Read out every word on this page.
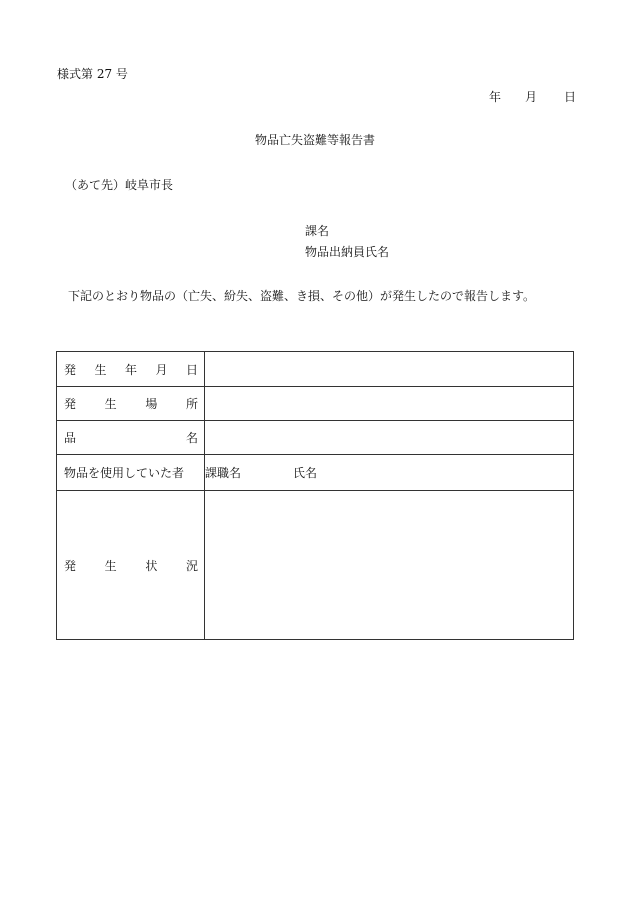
様式第 27 号
年 月 日
物品亡失盗難等報告書
（あて先）岐阜市長
課名
物品出納員氏名
下記のとおり物品の（亡失、紛失、盗難、き損、その他）が発生したので報告します。
発 生 年 月 日	

発 生 場 所	

品 名	

物品を使用していた者	課職名 氏名

発 生 状 況	
